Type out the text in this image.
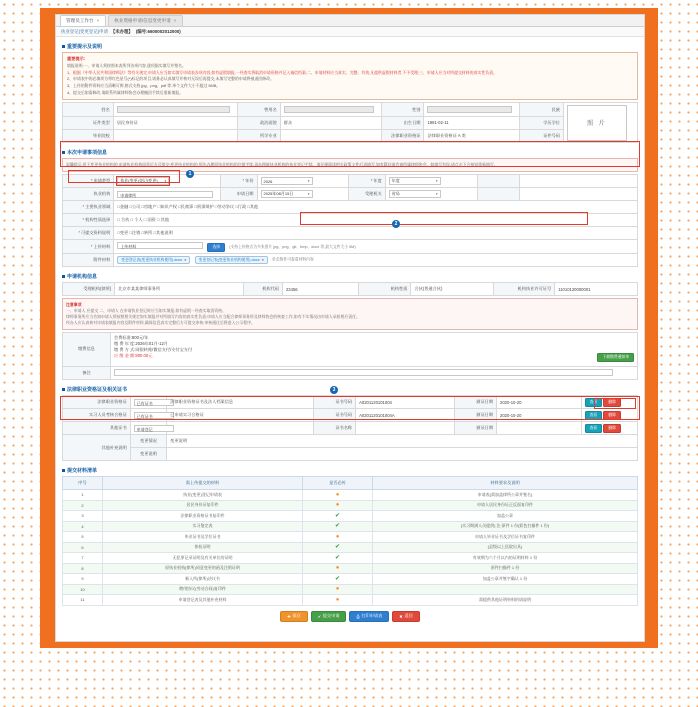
管理员工作台 ×	执业资格申请/信息变更申请 ×
执业登记(变更登记)申请 【未办理】 (编号:6600002012000)
重要提示及说明
重要提示:

填报说明:一、申请人须按照本表所列各项内容,逐项据实填写并签名。

1、根据《中华人民共和国律师法》等有关规定,申请人应当如实填写申请表各项内容,如有虚假填报,一经查实将取消申请资格并记入诚信档案;二、申请材料应当真实、完整、有效,凡提供虚假材料者,不予受理;三、申请人应当对所提交材料的真实性负责。

2、申请表中的必填项为带红色星号(*)标记的项目,请务必认真填写并核对无误后再提交;未填写完整的申请将被退回修改。

3、上传的附件资料应当清晰可辨,格式支持 jpg、png、pdf 等,单个文件大小不超过 5MB。

4、提交后如需修改,请联系所属律师协会办理撤回手续后重新填报。

姓名		曾用名		性别		民族	照 片

证件类型	居民身份证	政治面貌	群众	出生日期	1981-02-11	学历学位	
毕业院校		所学专业		法律职业资格证	法律职业资格证 A 类	证件号码	
本次申请事项信息
温馨提示:用于变更执业机构的,申请执业机构同意后方可提交;变更执业机构的,须先办理原执业机构的注销手续,再办理新执业机构的执业登记手续。请仔细阅读相关政策文件后再填写,如有疑问请咨询所属律师协会。如填写有误,请点击下方按钮重新填写。
*申请类型	执业(变更)登记(变更) ▾	*年份	2026 ▾	*年度	年度 ▾		

执业机构	申请律所	申请日期	2025年08月15日 ▾	受理机关	省局 ▾		

*主要执业领域	□金融 □公司 □房地产 □知识产权 □民商事 □刑事辩护 □劳动争议 □行政 □其他						
*机构性质选择	□ 合伙 □ 个人 □ 国资 □ 其他						
*可提交资料说明	□变更 □注销 □转所 □其他说明						
*上传材料	上传材料 选择 (支持上传格式为多张图片 jpg、png、gif、bmp、docx 等,最大文件大小 5M)						
附件材料	变更登记表(变更执业机构使用).docx ×
变更登记表(变更执业机构使用).docx × 单击附件可查看材料内容						
申请机构信息
受理机构(律所)	北京市某某律师事务所	机构代码	23456	机构性质	合伙(普通合伙)	机构执业许可证号	11010120000001
注意事项
一、申请人 应提交 二、申请人 在申请执业登记时应当如实填报,如有虚假一经查实取消资格。
律师事务所应当告知申请人须按照相关规定如实填报并对所填写内容的真实性负责;申请人应当配合律师事务所及律师协会的核查工作,如有不实情况由申请人承担相应责任。
经办人应认真核对申请表填报内容及附件材料,确保信息真实完整后方可提交审核;审核通过后将进入公示程序。
缴费信息	会费标准:800元/年
缴 费 年 度:2026年01月-12月
缴 费 方 式:网银转账/微信支付/支付宝支付
应 缴 金 额:800.00元 下载缴费通知单

备注	
法律职业资格证及相关证书
法律职业资格证	已有证书	法律职业资格证书及法人档案信息	证书号码	A0201120101004	颁证日期	2020-10-20	查看 删除
实习人员考核合格证	已有证书	已申请实习合格证	证书号码	A0201120101004A	颁证日期	2020-10-20	查看 删除
其他证书	申请登记		证书名称		颁证日期		查看 删除
其他补充说明	变更情况	变更说明					
	变更说明						
提交材料清单
序号	需上传提交的材料	是否必传	材料要求及说明
1	执业(变更)登记申请表	●	申请表(需加盖律所公章并签名)
2	居民身份证复印件	●	申请人居民身份证正反面复印件
3	法律职业资格证书复印件	✔	加盖公章
4	实习鉴定表	✔	(实习期满人员提供) 注:原件 1 份(彩色扫描件 1 份)
5	毕业证书及学位证书	●	申请人毕业证书及学位证书复印件
6	体检证明	✔	(县级以上医院出具)
7	无犯罪记录证明及有关单位的证明	✔	有效期为六个月以内的证明材料 1 份
8	原执业机构(律所)同意变更的函及注销证明	●	原件扫描件 1 份
9	新入所(律所)决议书	✔	加盖公章并签字确认 1 份
10	聘用协议(劳动合同)复印件	●	
11	申请登记表及其他补充材料	●	需提供其他证明材料的请说明
✚ 保存	✔ 提交申请	⎙ 打印申请表	✖ 返回
1
2
3
